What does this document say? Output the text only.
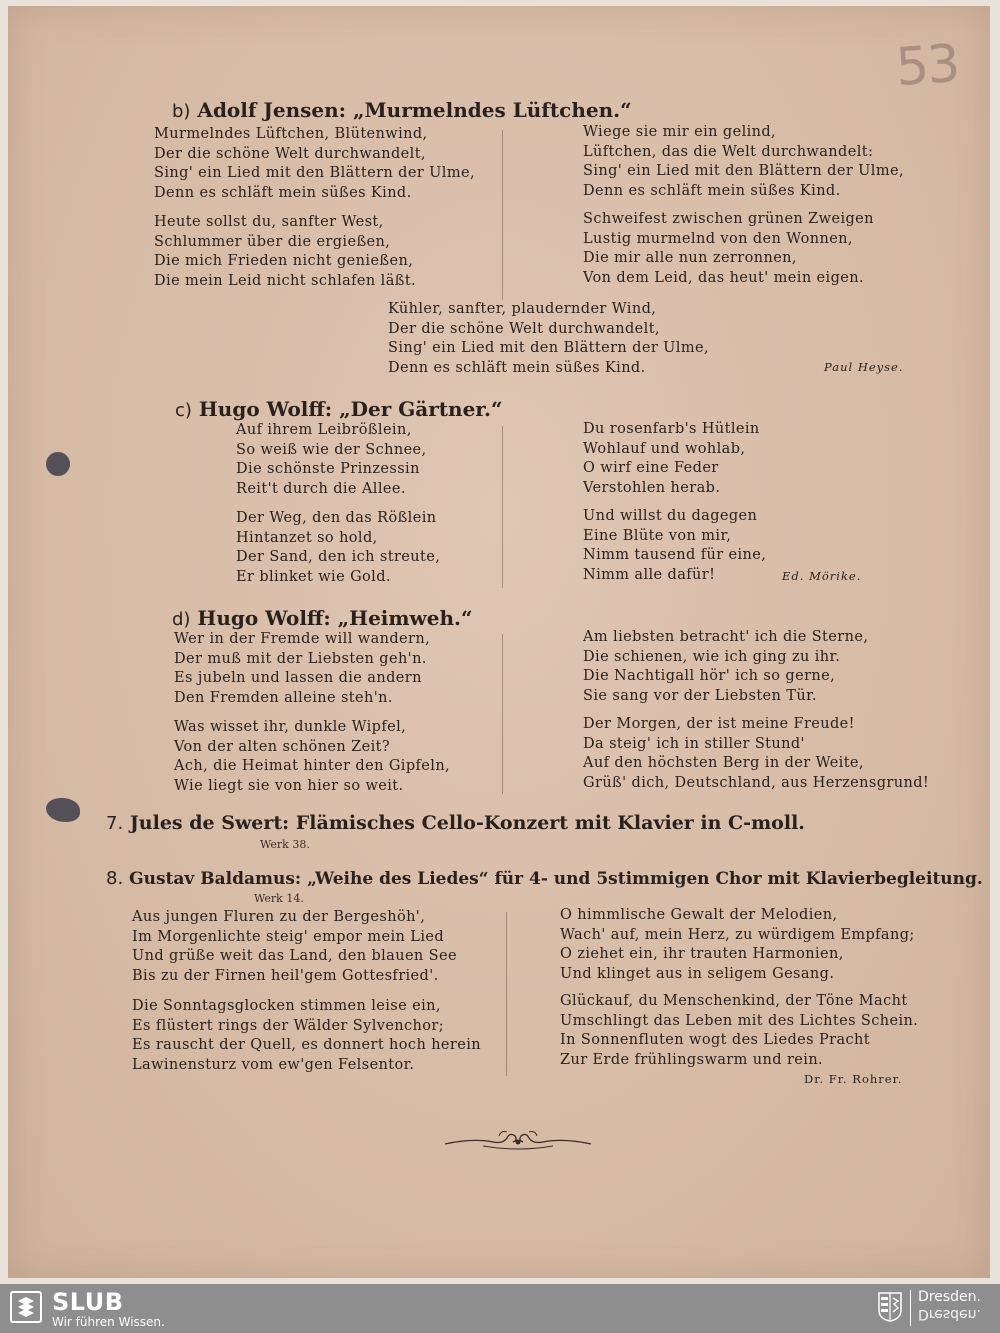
53
b) Adolf Jensen: „Murmelndes Lüftchen.“
Murmelndes Lüftchen, Blütenwind,
Der die schöne Welt durchwandelt,
Sing' ein Lied mit den Blättern der Ulme,
Denn es schläft mein süßes Kind.
Heute sollst du, sanfter West,
Schlummer über die ergießen,
Die mich Frieden nicht genießen,
Die mein Leid nicht schlafen läßt.
Wiege sie mir ein gelind,
Lüftchen, das die Welt durchwandelt:
Sing' ein Lied mit den Blättern der Ulme,
Denn es schläft mein süßes Kind.
Schweifest zwischen grünen Zweigen
Lustig murmelnd von den Wonnen,
Die mir alle nun zerronnen,
Von dem Leid, das heut' mein eigen.
Kühler, sanfter, plaudernder Wind,
Der die schöne Welt durchwandelt,
Sing' ein Lied mit den Blättern der Ulme,
Denn es schläft mein süßes Kind.	Paul Heyse.
c) Hugo Wolff: „Der Gärtner.“
Auf ihrem Leibrößlein,
So weiß wie der Schnee,
Die schönste Prinzessin
Reit't durch die Allee.
Der Weg, den das Rößlein
Hintanzet so hold,
Der Sand, den ich streute,
Er blinket wie Gold.
Du rosenfarb's Hütlein
Wohlauf und wohlab,
O wirf eine Feder
Verstohlen herab.
Und willst du dagegen
Eine Blüte von mir,
Nimm tausend für eine,
Nimm alle dafür!	Ed. Mörike.
d) Hugo Wolff: „Heimweh.“
Wer in der Fremde will wandern,
Der muß mit der Liebsten geh'n.
Es jubeln und lassen die andern
Den Fremden alleine steh'n.
Was wisset ihr, dunkle Wipfel,
Von der alten schönen Zeit?
Ach, die Heimat hinter den Gipfeln,
Wie liegt sie von hier so weit.
Am liebsten betracht' ich die Sterne,
Die schienen, wie ich ging zu ihr.
Die Nachtigall hör' ich so gerne,
Sie sang vor der Liebsten Tür.
Der Morgen, der ist meine Freude!
Da steig' ich in stiller Stund'
Auf den höchsten Berg in der Weite,
Grüß' dich, Deutschland, aus Herzensgrund!
7. Jules de Swert: Flämisches Cello-Konzert mit Klavier in C-moll.
Werk 38.
8. Gustav Baldamus: „Weihe des Liedes“ für 4- und 5stimmigen Chor mit Klavierbegleitung.
Werk 14.
Aus jungen Fluren zu der Bergeshöh',
Im Morgenlichte steig' empor mein Lied
Und grüße weit das Land, den blauen See
Bis zu der Firnen heil'gem Gottesfried'.
Die Sonntagsglocken stimmen leise ein,
Es flüstert rings der Wälder Sylvenchor;
Es rauscht der Quell, es donnert hoch herein
Lawinensturz vom ew'gen Felsentor.
O himmlische Gewalt der Melodien,
Wach' auf, mein Herz, zu würdigem Empfang;
O ziehet ein, ihr trauten Harmonien,
Und klinget aus in seligem Gesang.
Glückauf, du Menschenkind, der Töne Macht
Umschlingt das Leben mit des Lichtes Schein.
In Sonnenfluten wogt des Liedes Pracht
Zur Erde frühlingswarm und rein.
Dr. Fr. Rohrer.
SLUB
Wir führen Wissen.
Dresden.
Dresden.
